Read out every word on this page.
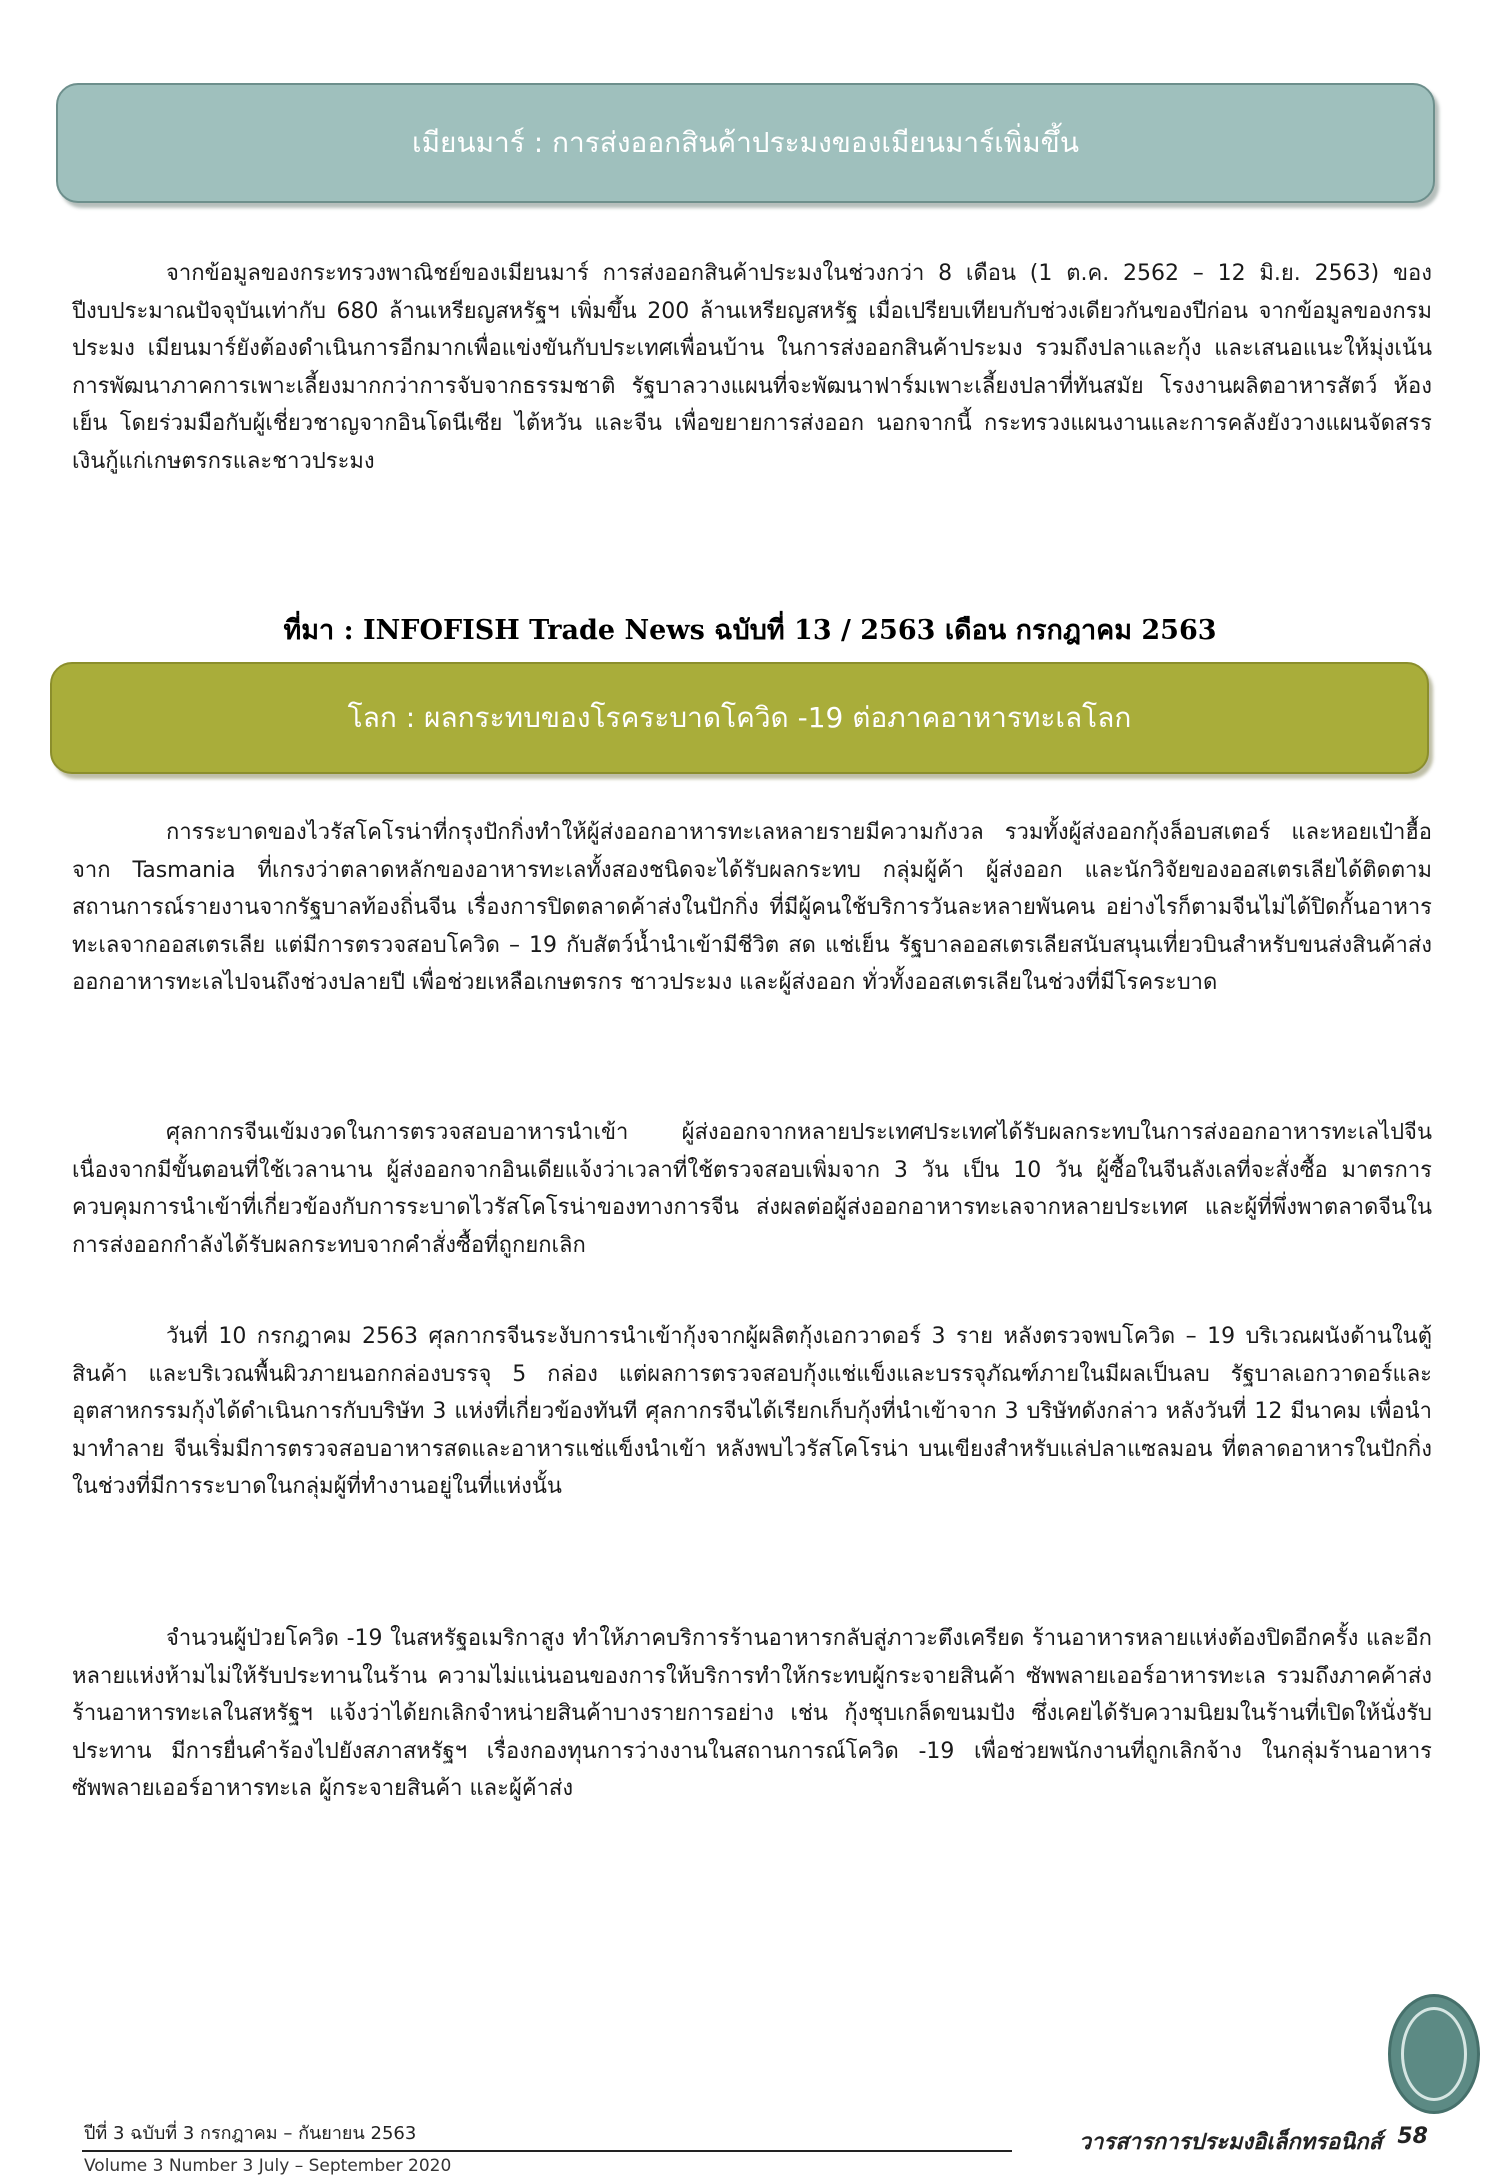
เมียนมาร์ : การส่งออกสินค้าประมงของเมียนมาร์เพิ่มขึ้น

จากข้อมูลของกระทรวงพาณิชย์ของเมียนมาร์ การส่งออกสินค้าประมงในช่วงกว่า 8 เดือน (1 ต.ค. 2562 – 12 มิ.ย. 2563) ของปีงบประมาณปัจจุบันเท่ากับ 680 ล้านเหรียญสหรัฐฯ เพิ่มขึ้น 200 ล้านเหรียญสหรัฐ เมื่อเปรียบเทียบกับช่วงเดียวกันของปีก่อน จากข้อมูลของกรมประมง เมียนมาร์ยังต้องดำเนินการอีกมากเพื่อแข่งขันกับประเทศเพื่อนบ้าน ในการส่งออกสินค้าประมง รวมถึงปลาและกุ้ง และเสนอแนะให้มุ่งเน้นการพัฒนาภาคการเพาะเลี้ยงมากกว่าการจับจากธรรมชาติ รัฐบาลวางแผนที่จะพัฒนาฟาร์มเพาะเลี้ยงปลาที่ทันสมัย โรงงานผลิตอาหารสัตว์ ห้องเย็น โดยร่วมมือกับผู้เชี่ยวชาญจากอินโดนีเซีย ไต้หวัน และจีน เพื่อขยายการส่งออก นอกจากนี้ กระทรวงแผนงานและการคลังยังวางแผนจัดสรรเงินกู้แก่เกษตรกรและชาวประมง

ที่มา : INFOFISH Trade News ฉบับที่ 13 / 2563 เดือน กรกฎาคม 2563
โลก : ผลกระทบของโรคระบาดโควิด -19 ต่อภาคอาหารทะเลโลก

การระบาดของไวรัสโคโรน่าที่กรุงปักกิ่งทำให้ผู้ส่งออกอาหารทะเลหลายรายมีความกังวล รวมทั้งผู้ส่งออกกุ้งล็อบสเตอร์ และหอยเป๋าฮื้อ จาก Tasmania ที่เกรงว่าตลาดหลักของอาหารทะเลทั้งสองชนิดจะได้รับผลกระทบ กลุ่มผู้ค้า ผู้ส่งออก และนักวิจัยของออสเตรเลียได้ติดตามสถานการณ์รายงานจากรัฐบาลท้องถิ่นจีน เรื่องการปิดตลาดค้าส่งในปักกิ่ง ที่มีผู้คนใช้บริการวันละหลายพันคน อย่างไรก็ตามจีนไม่ได้ปิดกั้นอาหารทะเลจากออสเตรเลีย แต่มีการตรวจสอบโควิด – 19 กับสัตว์น้ำนำเข้ามีชีวิต สด แช่เย็น รัฐบาลออสเตรเลียสนับสนุนเที่ยวบินสำหรับขนส่งสินค้าส่งออกอาหารทะเลไปจนถึงช่วงปลายปี เพื่อช่วยเหลือเกษตรกร ชาวประมง และผู้ส่งออก ทั่วทั้งออสเตรเลียในช่วงที่มีโรคระบาด

ศุลกากรจีนเข้มงวดในการตรวจสอบอาหารนำเข้า ผู้ส่งออกจากหลายประเทศประเทศได้รับผลกระทบในการส่งออกอาหารทะเลไปจีนเนื่องจากมีขั้นตอนที่ใช้เวลานาน ผู้ส่งออกจากอินเดียแจ้งว่าเวลาที่ใช้ตรวจสอบเพิ่มจาก 3 วัน เป็น 10 วัน ผู้ซื้อในจีนลังเลที่จะสั่งซื้อ มาตรการควบคุมการนำเข้าที่เกี่ยวข้องกับการระบาดไวรัสโคโรน่าของทางการจีน ส่งผลต่อผู้ส่งออกอาหารทะเลจากหลายประเทศ และผู้ที่พึ่งพาตลาดจีนในการส่งออกกำลังได้รับผลกระทบจากคำสั่งซื้อที่ถูกยกเลิก

วันที่ 10 กรกฎาคม 2563 ศุลกากรจีนระงับการนำเข้ากุ้งจากผู้ผลิตกุ้งเอกวาดอร์ 3 ราย หลังตรวจพบโควิด – 19 บริเวณผนังด้านในตู้สินค้า และบริเวณพื้นผิวภายนอกกล่องบรรจุ 5 กล่อง แต่ผลการตรวจสอบกุ้งแช่แข็งและบรรจุภัณฑ์ภายในมีผลเป็นลบ รัฐบาลเอกวาดอร์และอุตสาหกรรมกุ้งได้ดำเนินการกับบริษัท 3 แห่งที่เกี่ยวข้องทันที ศุลกากรจีนได้เรียกเก็บกุ้งที่นำเข้าจาก 3 บริษัทดังกล่าว หลังวันที่ 12 มีนาคม เพื่อนำมาทำลาย จีนเริ่มมีการตรวจสอบอาหารสดและอาหารแช่แข็งนำเข้า หลังพบไวรัสโคโรน่า บนเขียงสำหรับแล่ปลาแซลมอน ที่ตลาดอาหารในปักกิ่ง ในช่วงที่มีการระบาดในกลุ่มผู้ที่ทำงานอยู่ในที่แห่งนั้น

จำนวนผู้ป่วยโควิด -19 ในสหรัฐอเมริกาสูง ทำให้ภาคบริการร้านอาหารกลับสู่ภาวะตึงเครียด ร้านอาหารหลายแห่งต้องปิดอีกครั้ง และอีกหลายแห่งห้ามไม่ให้รับประทานในร้าน ความไม่แน่นอนของการให้บริการทำให้กระทบผู้กระจายสินค้า ซัพพลายเออร์อาหารทะเล รวมถึงภาคค้าส่ง ร้านอาหารทะเลในสหรัฐฯ แจ้งว่าได้ยกเลิกจำหน่ายสินค้าบางรายการอย่าง เช่น กุ้งชุบเกล็ดขนมปัง ซึ่งเคยได้รับความนิยมในร้านที่เปิดให้นั่งรับประทาน มีการยื่นคำร้องไปยังสภาสหรัฐฯ เรื่องกองทุนการว่างงานในสถานการณ์โควิด -19 เพื่อช่วยพนักงานที่ถูกเลิกจ้าง ในกลุ่มร้านอาหาร ซัพพลายเออร์อาหารทะเล ผู้กระจายสินค้า และผู้ค้าส่ง

ปีที่ 3 ฉบับที่ 3 กรกฎาคม – กันยายน 2563
Volume 3 Number 3 July – September 2020
วารสารการประมงอิเล็กทรอนิกส์ 58
